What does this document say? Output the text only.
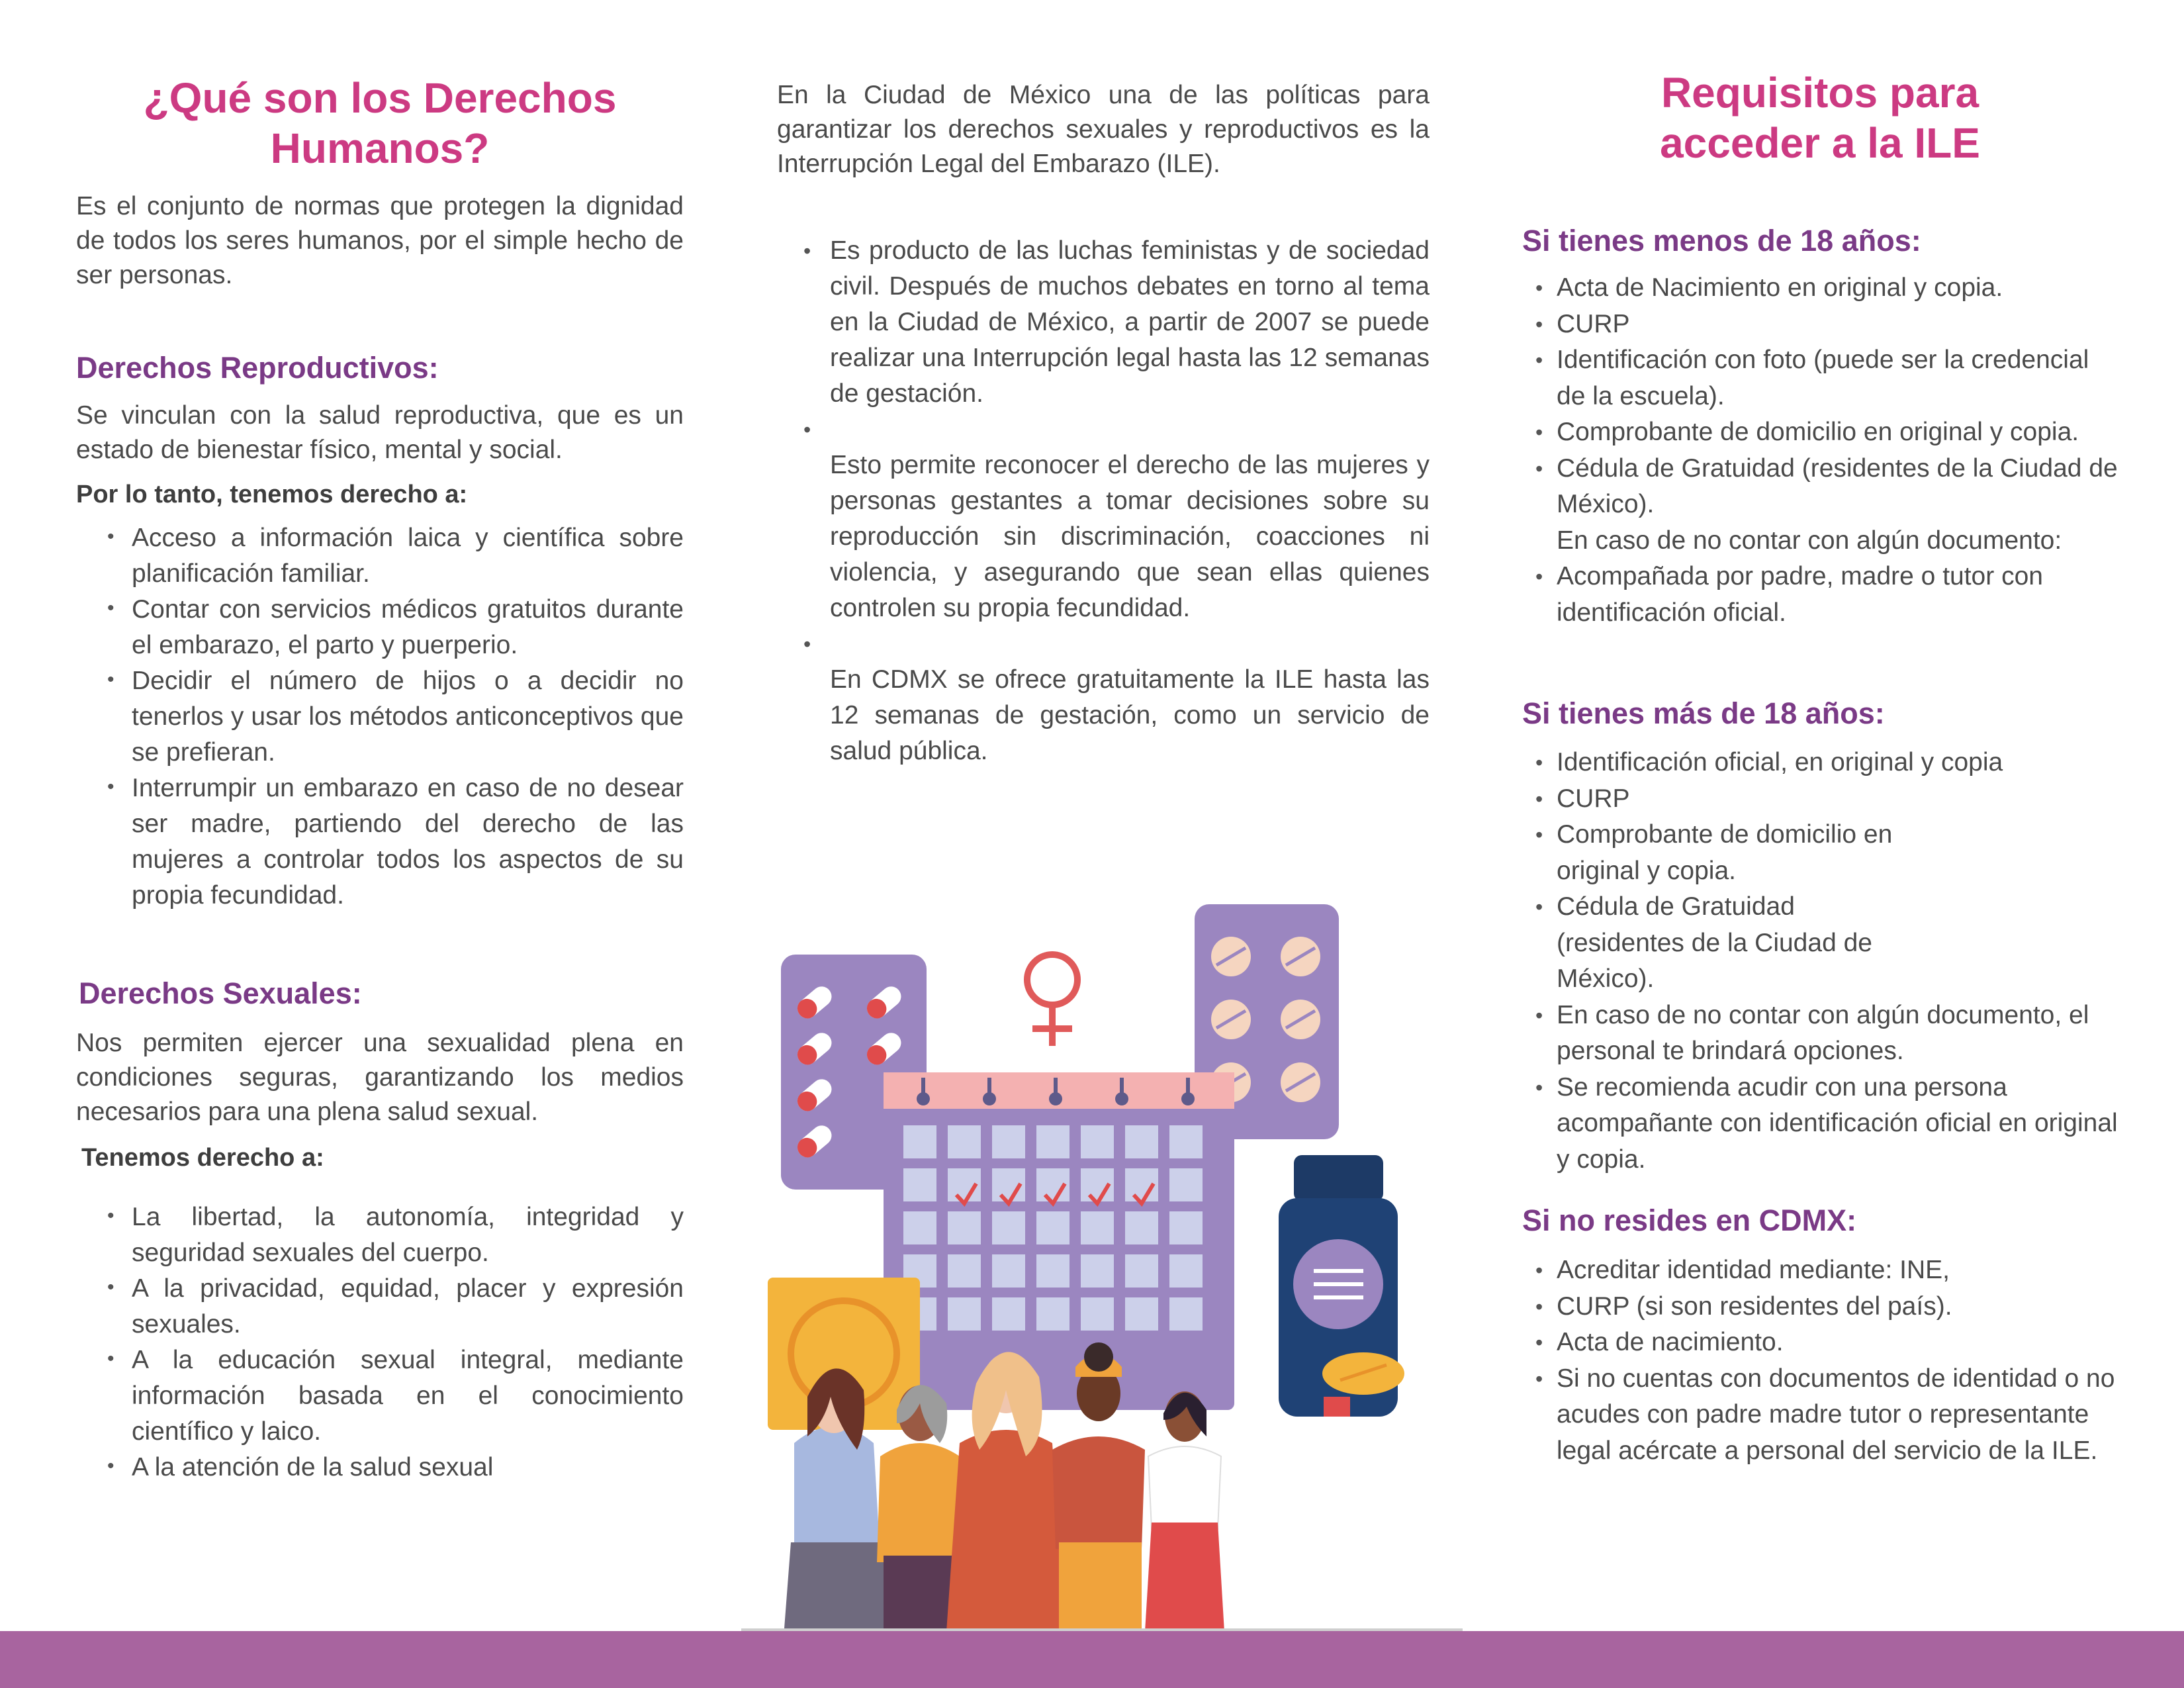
¿Qué son los Derechos
Humanos?

Es el conjunto de normas que protegen la dignidad de todos los seres humanos, por el simple hecho de ser personas.

Derechos Reproductivos:

Se vinculan con la salud reproductiva, que es un estado de bienestar físico, mental y social.

Por lo tanto, tenemos derecho a:

• Acceso a información laica y científica sobre planificación familiar.
• Contar con servicios médicos gratuitos durante el embarazo, el parto y puerperio.
• Decidir el número de hijos o a decidir no tenerlos y usar los métodos anticonceptivos que se prefieran.
• Interrumpir un embarazo en caso de no desear ser madre, partiendo del derecho de las mujeres a controlar todos los aspectos de su propia fecundidad.
Derechos Sexuales:

Nos permiten ejercer una sexualidad plena en condiciones seguras, garantizando los medios necesarios para una plena salud sexual.

Tenemos derecho a:

• La libertad, la autonomía, integridad y seguridad sexuales del cuerpo.
• A la privacidad, equidad, placer y expresión sexuales.
• A la educación sexual integral, mediante información basada en el conocimiento científico y laico.
• A la atención de la salud sexual

En la Ciudad de México una de las políticas para garantizar los derechos sexuales y reproductivos es la Interrupción Legal del Embarazo (ILE).

• Es producto de las luchas feministas y de sociedad civil. Después de muchos debates en torno al tema en la Ciudad de México, a partir de 2007 se puede realizar una Interrupción legal hasta las 12 semanas de gestación.
•
Esto permite reconocer el derecho de las mujeres y personas gestantes a tomar decisiones sobre su reproducción sin discriminación, coacciones ni violencia, y asegurando que sean ellas quienes controlen su propia fecundidad.
•
En CDMX se ofrece gratuitamente la ILE hasta las 12 semanas de gestación, como un servicio de salud pública.
Requisitos para
acceder a la ILE
Si tienes menos de 18 años:
• Acta de Nacimiento en original y copia.
• CURP
• Identificación con foto (puede ser la credencial de la escuela).
• Comprobante de domicilio en original y copia.
• Cédula de Gratuidad (residentes de la Ciudad de México).
En caso de no contar con algún documento:
• Acompañada por padre, madre o tutor con identificación oficial.
Si tienes más de 18 años:
• Identificación oficial, en original y copia
• CURP
• Comprobante de domicilio en original y copia.
• Cédula de Gratuidad (residentes de la Ciudad de México).
• En caso de no contar con algún documento, el personal te brindará opciones.
• Se recomienda acudir con una persona acompañante con identificación oficial en original y copia.
Si no resides en CDMX:
• Acreditar identidad mediante: INE,
• CURP (si son residentes del país).
• Acta de nacimiento.
• Si no cuentas con documentos de identidad o no acudes con padre madre tutor o representante legal acércate a personal del servicio de la ILE.
